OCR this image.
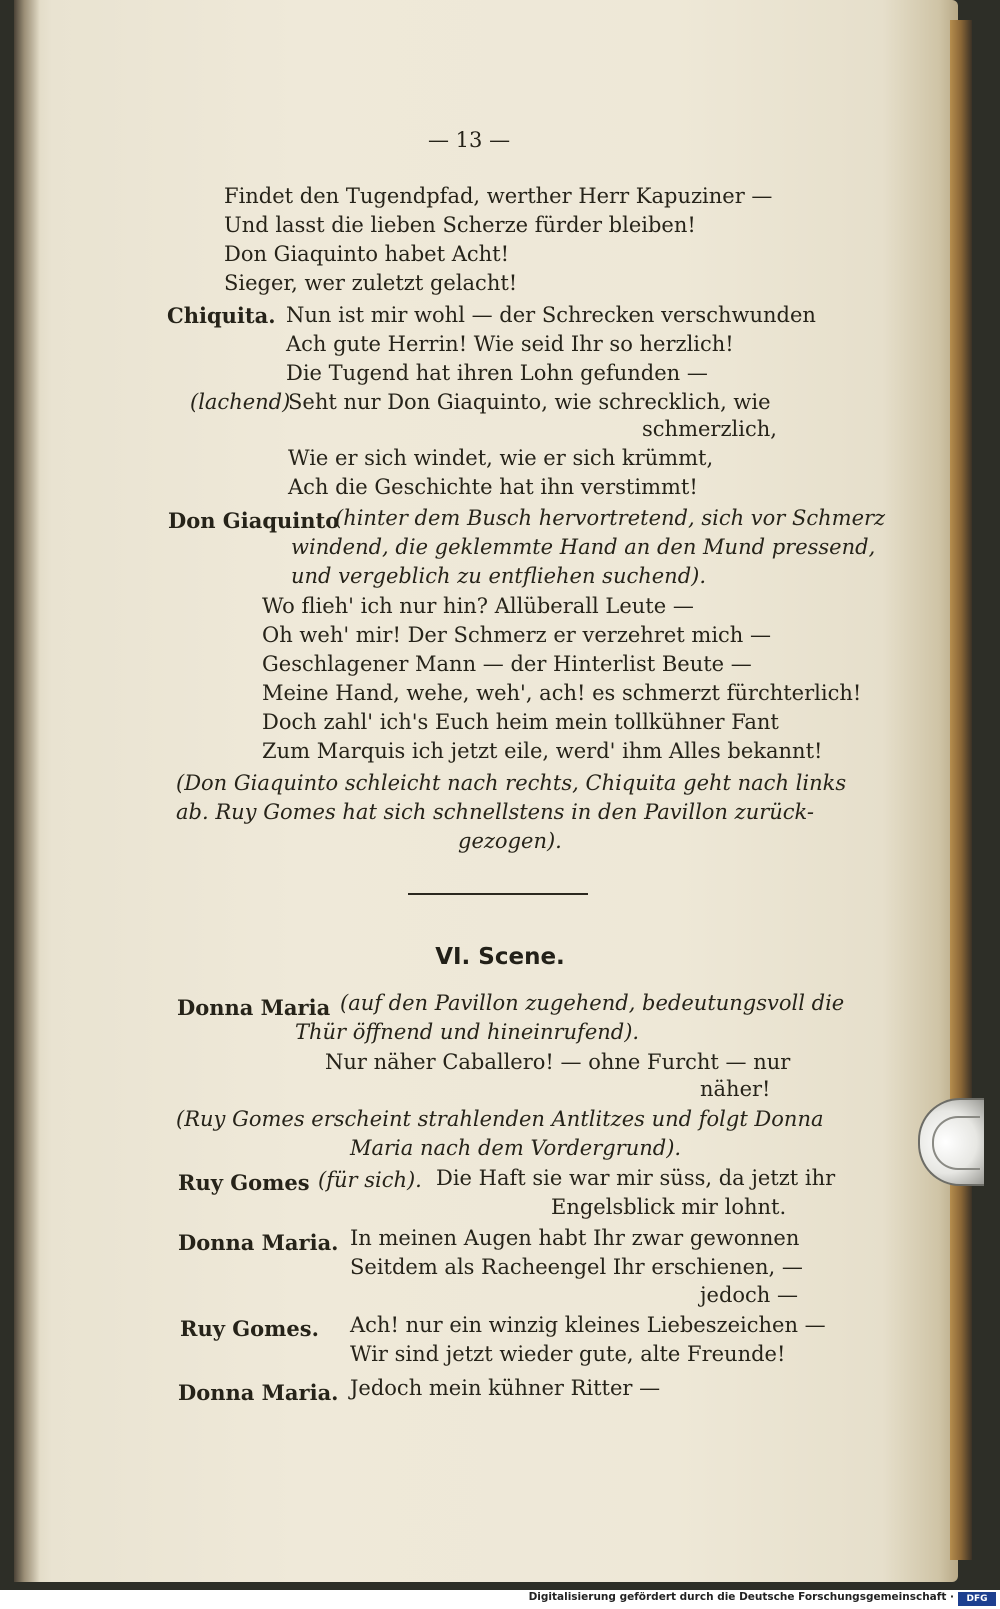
— 13 —
Findet den Tugendpfad, werther Herr Kapuziner —
Und lasst die lieben Scherze fürder bleiben!
Don Giaquinto habet Acht!
Sieger, wer zuletzt gelacht!
Chiquita. Nun ist mir wohl — der Schrecken verschwunden
Ach gute Herrin! Wie seid Ihr so herzlich!
Die Tugend hat ihren Lohn gefunden —
(lachend)
Seht nur Don Giaquinto, wie schrecklich, wie
schmerzlich,
Wie er sich windet, wie er sich krümmt,
Ach die Geschichte hat ihn verstimmt!
Don Giaquinto
(hinter dem Busch hervortretend, sich vor Schmerz
windend, die geklemmte Hand an den Mund pressend,
und vergeblich zu entfliehen suchend).
Wo flieh' ich nur hin? Allüberall Leute —
Oh weh' mir! Der Schmerz er verzehret mich —
Geschlagener Mann — der Hinterlist Beute —
Meine Hand, wehe, weh', ach! es schmerzt fürchterlich!
Doch zahl' ich's Euch heim mein tollkühner Fant
Zum Marquis ich jetzt eile, werd' ihm Alles bekannt!
(Don Giaquinto schleicht nach rechts, Chiquita geht nach links
ab. Ruy Gomes hat sich schnellstens in den Pavillon zurück-
gezogen).
VI. Scene.
Donna Maria (auf den Pavillon zugehend, bedeutungsvoll die
Thür öffnend und hineinrufend).
Nur näher Caballero! — ohne Furcht — nur
näher!
(Ruy Gomes erscheint strahlenden Antlitzes und folgt Donna
Maria nach dem Vordergrund).
Ruy Gomes (für sich). Die Haft sie war mir süss, da jetzt ihr
Engelsblick mir lohnt.
Donna Maria. In meinen Augen habt Ihr zwar gewonnen
Seitdem als Racheengel Ihr erschienen, —
jedoch —
Ruy Gomes. Ach! nur ein winzig kleines Liebeszeichen —
Wir sind jetzt wieder gute, alte Freunde!
Donna Maria. Jedoch mein kühner Ritter —
Digitalisierung gefördert durch die Deutsche Forschungsgemeinschaft ·	DFG
